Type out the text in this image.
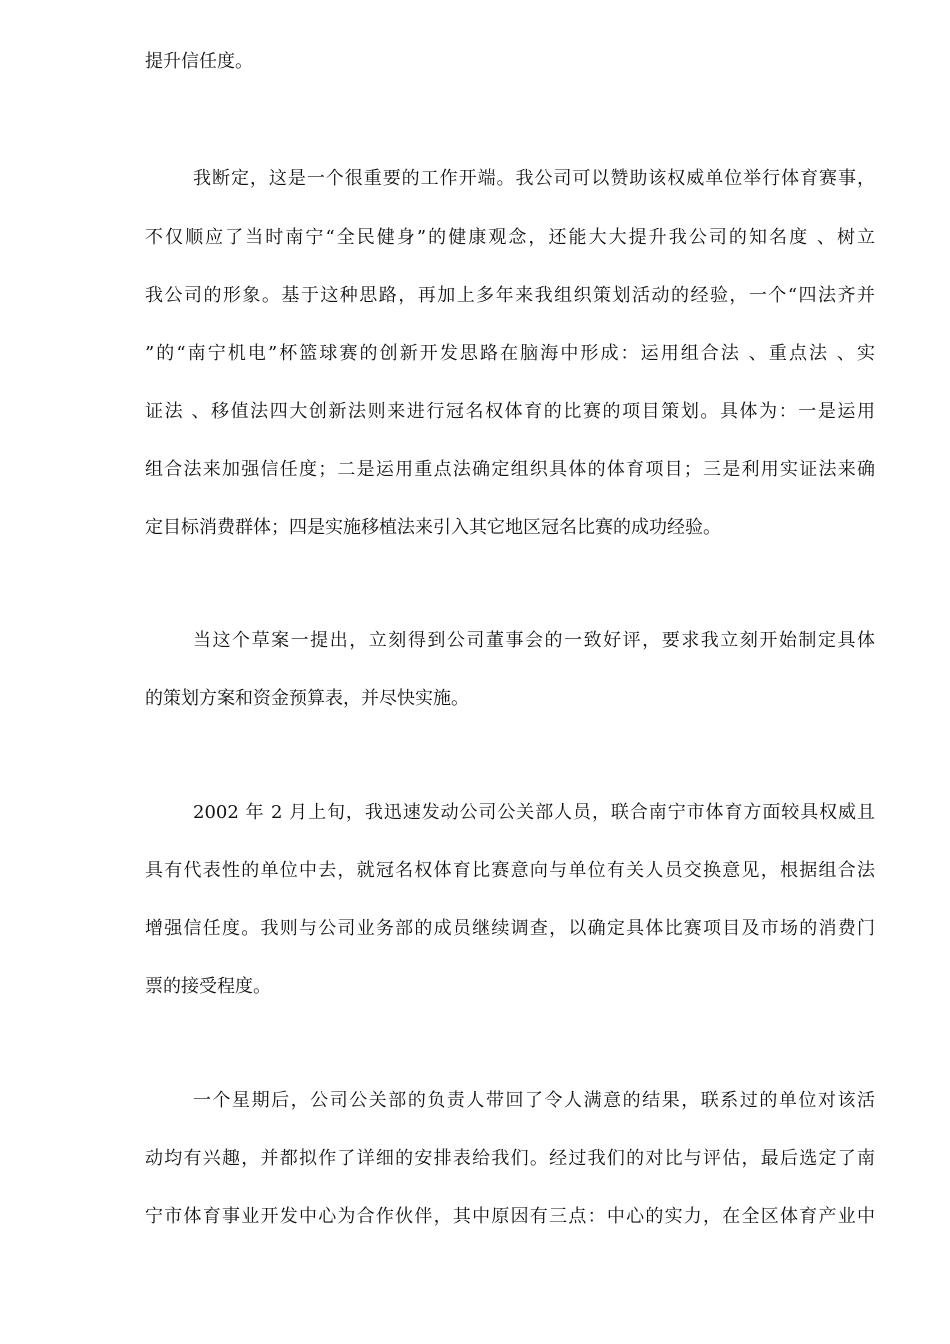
提升信任度。
我断定，这是一个很重要的工作开端。我公司可以赞助该权威单位举行体育赛事，
不仅顺应了当时南宁“全民健身”的健康观念，还能大大提升我公司的知名度 、树立
我公司的形象。基于这种思路，再加上多年来我组织策划活动的经验，一个“四法齐并
”的“南宁机电”杯篮球赛的创新开发思路在脑海中形成：运用组合法 、重点法 、实
证法 、移值法四大创新法则来进行冠名权体育的比赛的项目策划。具体为：一是运用
组合法来加强信任度；二是运用重点法确定组织具体的体育项目；三是利用实证法来确
定目标消费群体；四是实施移植法来引入其它地区冠名比赛的成功经验。
当这个草案一提出，立刻得到公司董事会的一致好评，要求我立刻开始制定具体
的策划方案和资金预算表，并尽快实施。
2002 年 2 月上旬，我迅速发动公司公关部人员，联合南宁市体育方面较具权威且
具有代表性的单位中去，就冠名权体育比赛意向与单位有关人员交换意见，根据组合法
增强信任度。我则与公司业务部的成员继续调查，以确定具体比赛项目及市场的消费门
票的接受程度。
一个星期后，公司公关部的负责人带回了令人满意的结果，联系过的单位对该活
动均有兴趣，并都拟作了详细的安排表给我们。经过我们的对比与评估，最后选定了南
宁市体育事业开发中心为合作伙伴，其中原因有三点：中心的实力，在全区体育产业中
